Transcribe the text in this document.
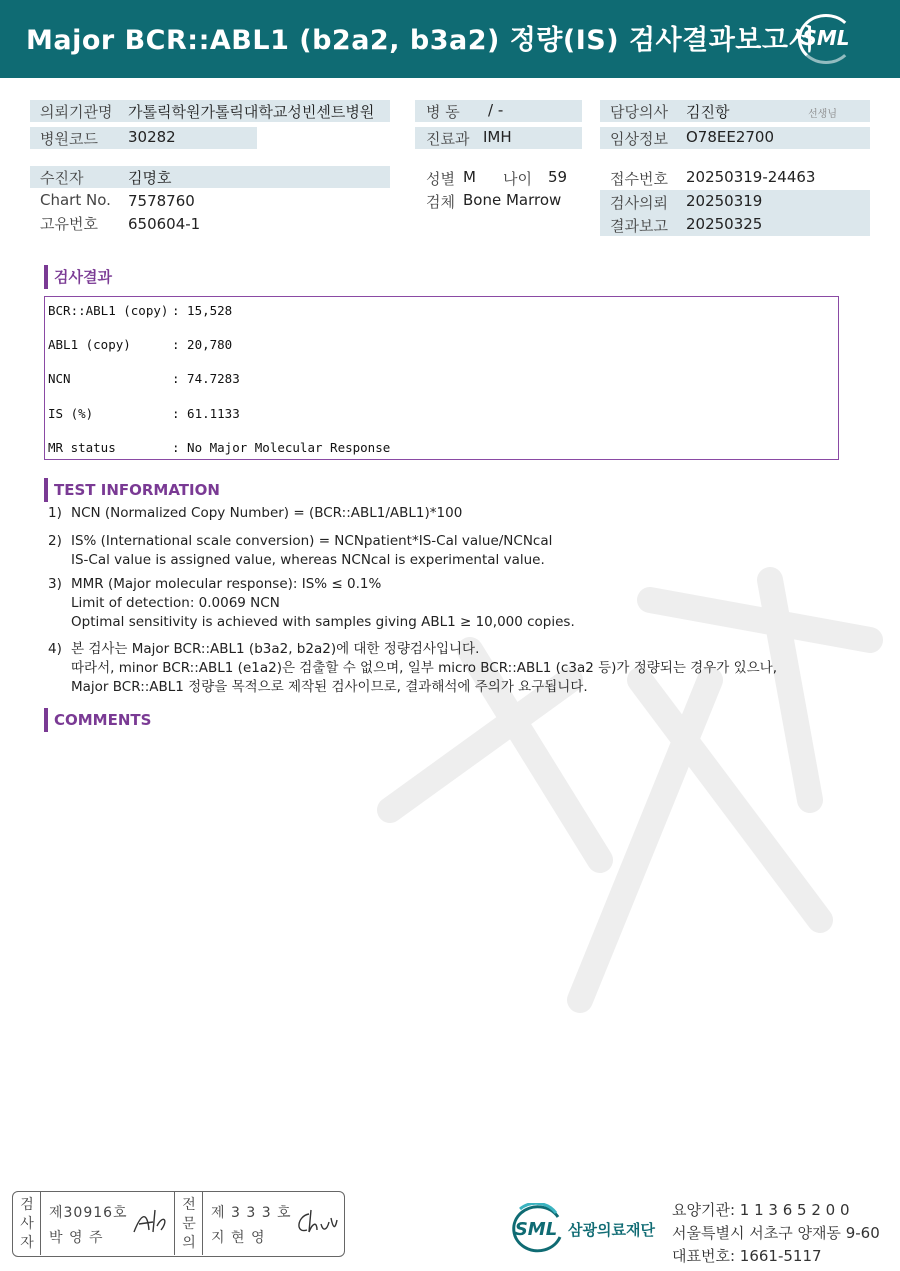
Major BCR::ABL1 (b2a2, b3a2) 정량(IS) 검사결과보고서
SML
의뢰기관명 가톨릭학원가톨릭대학교성빈센트병원
병원코드 30282
병 동 / -
진료과 IMH
담당의사 김진항	선생님
임상정보 O78EE2700
수진자	김명호
Chart No. 7578760
고유번호 650604-1
성별 M 나이 59
검체 Bone Marrow
접수번호 20250319-24463
검사의뢰 20250319
결과보고 20250325
검사결과
BCR::ABL1 (copy) : 15,528
ABL1 (copy)	: 20,780
NCN	: 74.7283
IS (%)	: 61.1133
MR status	: No Major Molecular Response
TEST INFORMATION
1) NCN (Normalized Copy Number) = (BCR::ABL1/ABL1)*100
2) IS% (International scale conversion) = NCNpatient*IS-Cal value/NCNcal
IS-Cal value is assigned value, whereas NCNcal is experimental value.
3) MMR (Major molecular response): IS% ≤ 0.1%
Limit of detection: 0.0069 NCN
Optimal sensitivity is achieved with samples giving ABL1 ≥ 10,000 copies.
4) 본 검사는 Major BCR::ABL1 (b3a2, b2a2)에 대한 정량검사입니다.
따라서, minor BCR::ABL1 (e1a2)은 검출할 수 없으며, 일부 micro BCR::ABL1 (c3a2 등)가 정량되는 경우가 있으나,
Major BCR::ABL1 정량을 목적으로 제작된 검사이므로, 결과해석에 주의가 요구됩니다.
COMMENTS
검사자
제30916호
박 영 주
전문의
제 3 3 3 호
지 현 영	SML 삼광의료재단
요양기관: 1 1 3 6 5 2 0 0
서울특별시 서초구 양재동 9-60
대표번호: 1661-5117
